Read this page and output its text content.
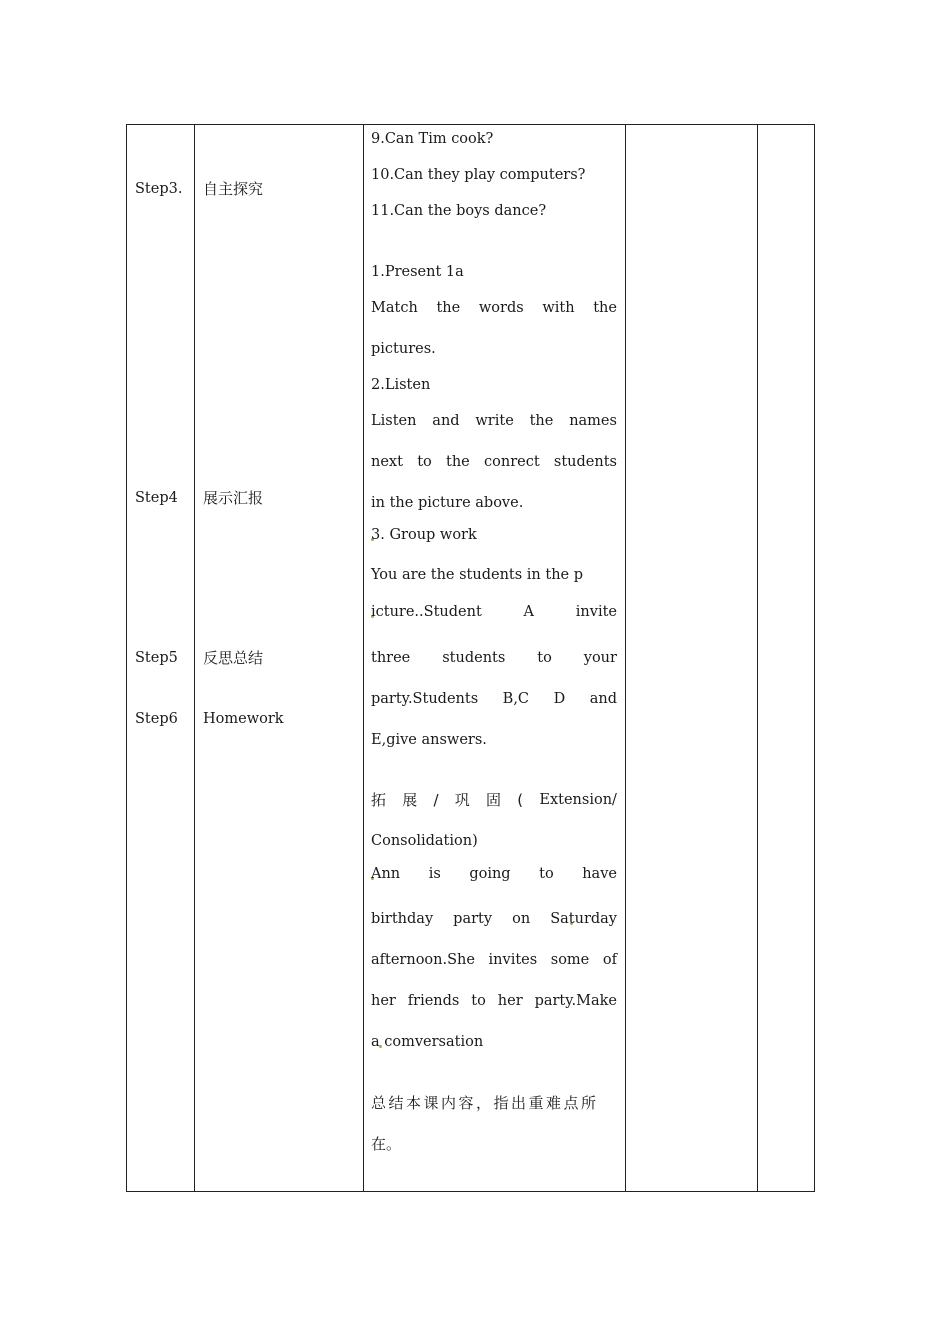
Step3.
Step4
Step5
Step6
自主探究
展示汇报
反思总结
Homework
9.Can Tim cook?
10.Can they play computers?
11.Can the boys dance?
1.Present 1a
Match the words with the
pictures.
2.Listen
Listen and write the names
next to the conrect students
in the picture above.
3. Group work
You are the students in the p
icture..Student	A	invite
three students to your
party.Students B,C D and
E,give answers.
拓 展 / 巩 固 ( Extension/
Consolidation)
Ann is going to have
birthday party on Saturday
afternoon.She invites some of
her friends to her party.Make
a comversation
总结本课内容，指出重难点所
在。
